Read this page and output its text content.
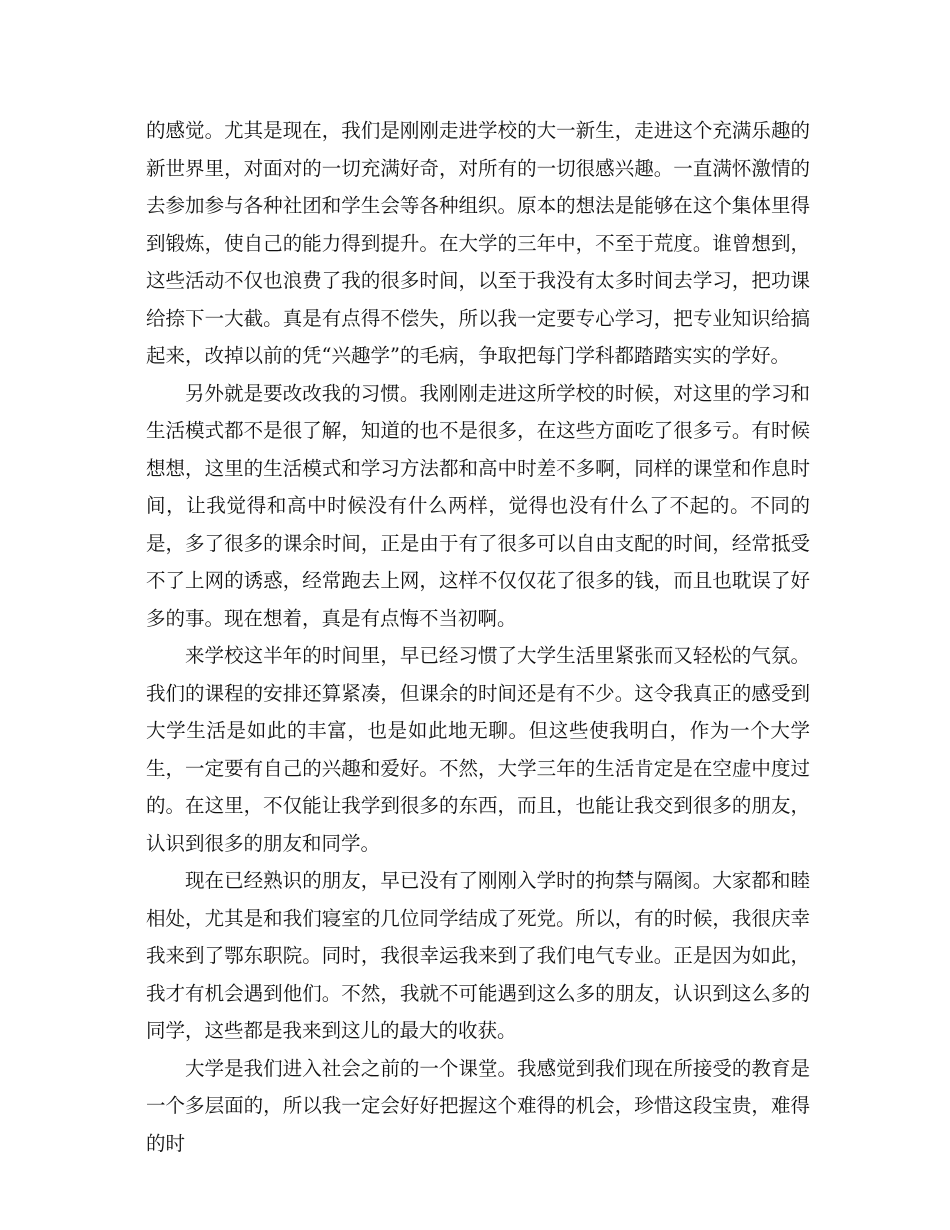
的感觉。尤其是现在，我们是刚刚走进学校的大一新生，走进这个充满乐趣的新世界里，对面对的一切充满好奇，对所有的一切很感兴趣。一直满怀激情的去参加参与各种社团和学生会等各种组织。原本的想法是能够在这个集体里得到锻炼，使自己的能力得到提升。在大学的三年中，不至于荒度。谁曾想到，这些活动不仅也浪费了我的很多时间，以至于我没有太多时间去学习，把功课给捺下一大截。真是有点得不偿失，所以我一定要专心学习，把专业知识给搞起来，改掉以前的凭“兴趣学”的毛病，争取把每门学科都踏踏实实的学好。

另外就是要改改我的习惯。我刚刚走进这所学校的时候，对这里的学习和生活模式都不是很了解，知道的也不是很多，在这些方面吃了很多亏。有时候想想，这里的生活模式和学习方法都和高中时差不多啊，同样的课堂和作息时间，让我觉得和高中时候没有什么两样，觉得也没有什么了不起的。不同的是，多了很多的课余时间，正是由于有了很多可以自由支配的时间，经常抵受不了上网的诱惑，经常跑去上网，这样不仅仅花了很多的钱，而且也耽误了好多的事。现在想着，真是有点悔不当初啊。

来学校这半年的时间里，早已经习惯了大学生活里紧张而又轻松的气氛。我们的课程的安排还算紧凑，但课余的时间还是有不少。这令我真正的感受到大学生活是如此的丰富，也是如此地无聊。但这些使我明白，作为一个大学生，一定要有自己的兴趣和爱好。不然，大学三年的生活肯定是在空虚中度过的。在这里，不仅能让我学到很多的东西，而且，也能让我交到很多的朋友，认识到很多的朋友和同学。

现在已经熟识的朋友，早已没有了刚刚入学时的拘禁与隔阂。大家都和睦相处，尤其是和我们寝室的几位同学结成了死党。所以，有的时候，我很庆幸我来到了鄂东职院。同时，我很幸运我来到了我们电气专业。正是因为如此，我才有机会遇到他们。不然，我就不可能遇到这么多的朋友，认识到这么多的同学，这些都是我来到这儿的最大的收获。

大学是我们进入社会之前的一个课堂。我感觉到我们现在所接受的教育是一个多层面的，所以我一定会好好把握这个难得的机会，珍惜这段宝贵，难得的时
